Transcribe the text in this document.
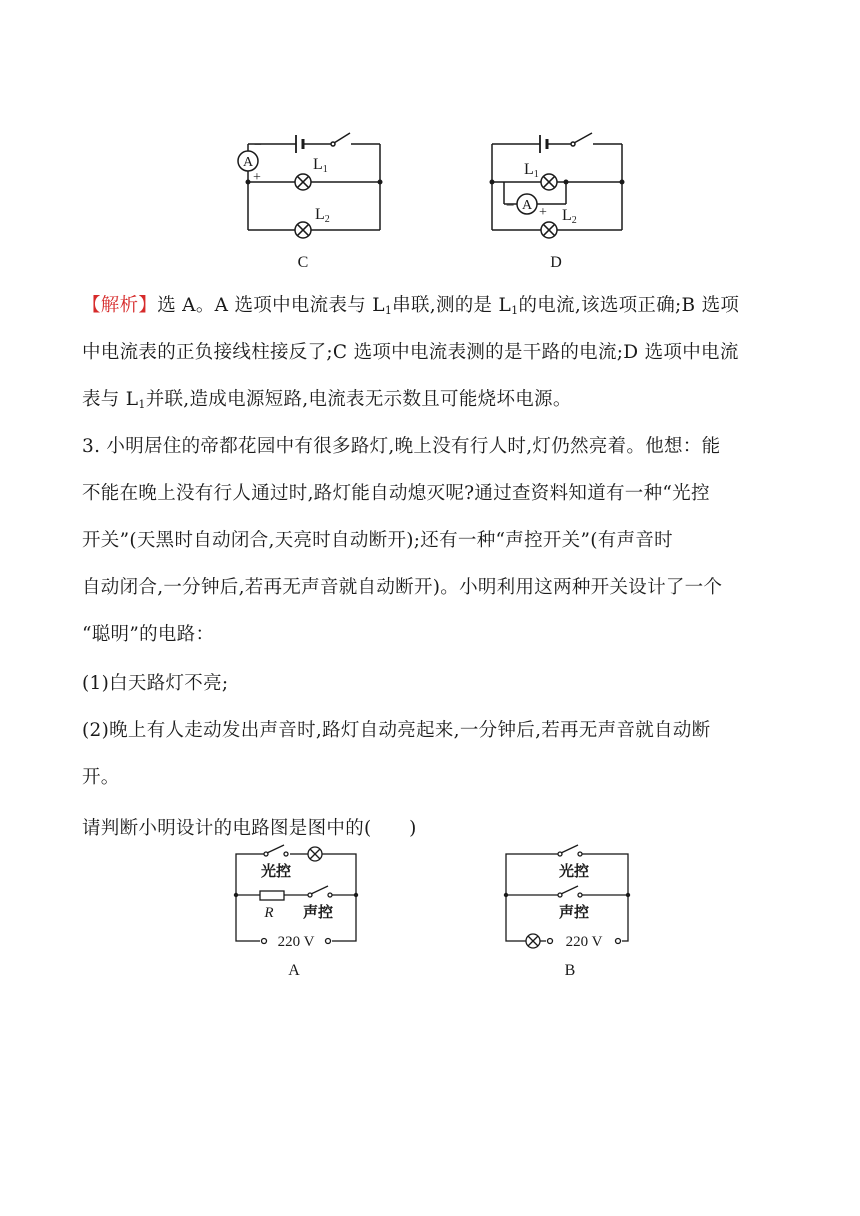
A
−
+
L1
L2
C
A
− +
L1
L2
D
【解析】选 A。A 选项中电流表与 $L_1$串联,测的是 $L_1$的电流,该选项正确;B 选项
中电流表的正负接线柱接反了;C 选项中电流表测的是干路的电流;D 选项中电流
表与 $L_1$并联,造成电源短路,电流表无示数且可能烧坏电源。
3. 小明居住的帝都花园中有很多路灯,晚上没有行人时,灯仍然亮着。他想：能
不能在晚上没有行人通过时,路灯能自动熄灭呢?通过查资料知道有一种“光控
开关”(天黑时自动闭合,天亮时自动断开);还有一种“声控开关”(有声音时
自动闭合,一分钟后,若再无声音就自动断开)。小明利用这两种开关设计了一个
“聪明”的电路：
(1)白天路灯不亮;
(2)晚上有人走动发出声音时,路灯自动亮起来,一分钟后,若再无声音就自动断
开。
请判断小明设计的电路图是图中的(　　)
光控
R 声控
220 V
A
光控
声控
220 V
B
